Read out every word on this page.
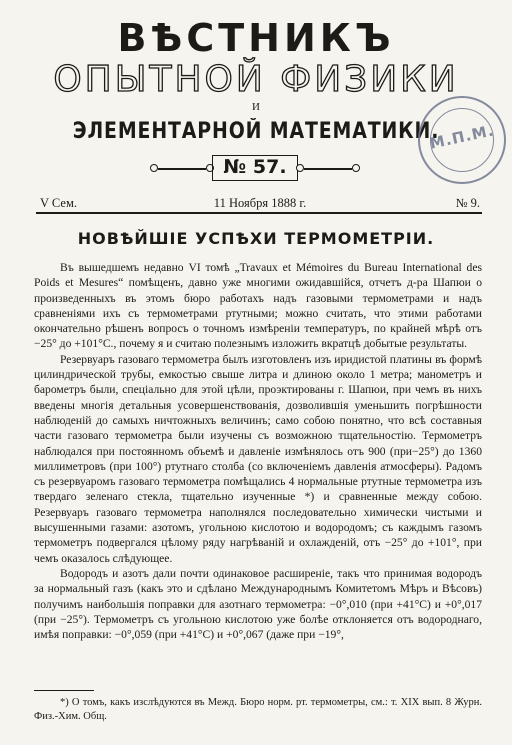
ВѢСТНИКЪ
ОПЫТНОЙ ФИЗИКИ
И
ЭЛЕМЕНТАРНОЙ МАТЕМАТИКИ.
№ 57.
M.П.M.
V Сем.	11 Ноября 1888 г.	№ 9.
НОВѢЙШІЕ УСПѢХИ ТЕРМОМЕТРІИ.

Въ вышедшемъ недавно VI томѣ „Travaux et Mémoires du Bureau International des Poids et Mesures“ помѣщенъ, давно уже многими ожидавшійся, отчетъ д-ра Шапюи о произведенныхъ въ этомъ бюро работахъ надъ газовыми термометрами и надъ сравненіями ихъ съ термометрами ртутными; можно считать, что этими работами окончательно рѣшенъ вопросъ о точномъ измѣреніи температуръ, по крайней мѣрѣ отъ −25° до +101°C., почему я и считаю полезнымъ изложить вкратцѣ добытые результаты.

Резервуаръ газоваго термометра былъ изготовленъ изъ иридистой платины въ формѣ цилиндрической трубы, емкостью свыше литра и длиною около 1 метра; манометръ и барометръ были, спеціально для этой цѣли, проэктированы г. Шапюи, при чемъ въ нихъ введены многія детальныя усовершенствованія, дозволившія уменьшить погрѣшности наблюденій до самыхъ ничтожныхъ величинъ; само собою понятно, что всѣ составныя части газоваго термометра были изучены съ возможною тщательностію. Термометръ наблюдался при постоянномъ объемѣ и давленіе измѣнялось отъ 900 (при−25°) до 1360 миллиметровъ (при 100°) ртутнаго столба (со включеніемъ давленія атмосферы). Радомъ съ резервуаромъ газоваго термометра помѣщались 4 нормальные ртутные термометра изъ твердаго зеленаго стекла, тщательно изученные *) и сравненные между собою. Резервуаръ газоваго термометра наполнялся последовательно химически чистыми и высушенными газами: азотомъ, угольною кислотою и водородомъ; съ каждымъ газомъ термометръ подвергался цѣлому ряду нагрѣваній и охлажденій, отъ −25° до +101°, при чемъ оказалось слѣдующее.

Водородъ и азотъ дали почти одинаковое расширеніе, такъ что принимая водородъ за нормальный газъ (какъ это и сдѣлано Международнымъ Комитетомъ Мѣръ и Вѣсовъ) получимъ наибольшія поправки для азотнаго термометра: −0°,010 (при +41°C) и +0°,017 (при −25°). Термометръ съ угольною кислотою уже болѣе отклоняется отъ водороднаго, имѣя поправки: −0°,059 (при +41°C) и +0°,067 (даже при −19°,

*) О томъ, какъ изслѣдуются въ Межд. Бюро норм. рт. термометры, см.: т. XIX вып. 8 Журн. Физ.-Хим. Общ.
